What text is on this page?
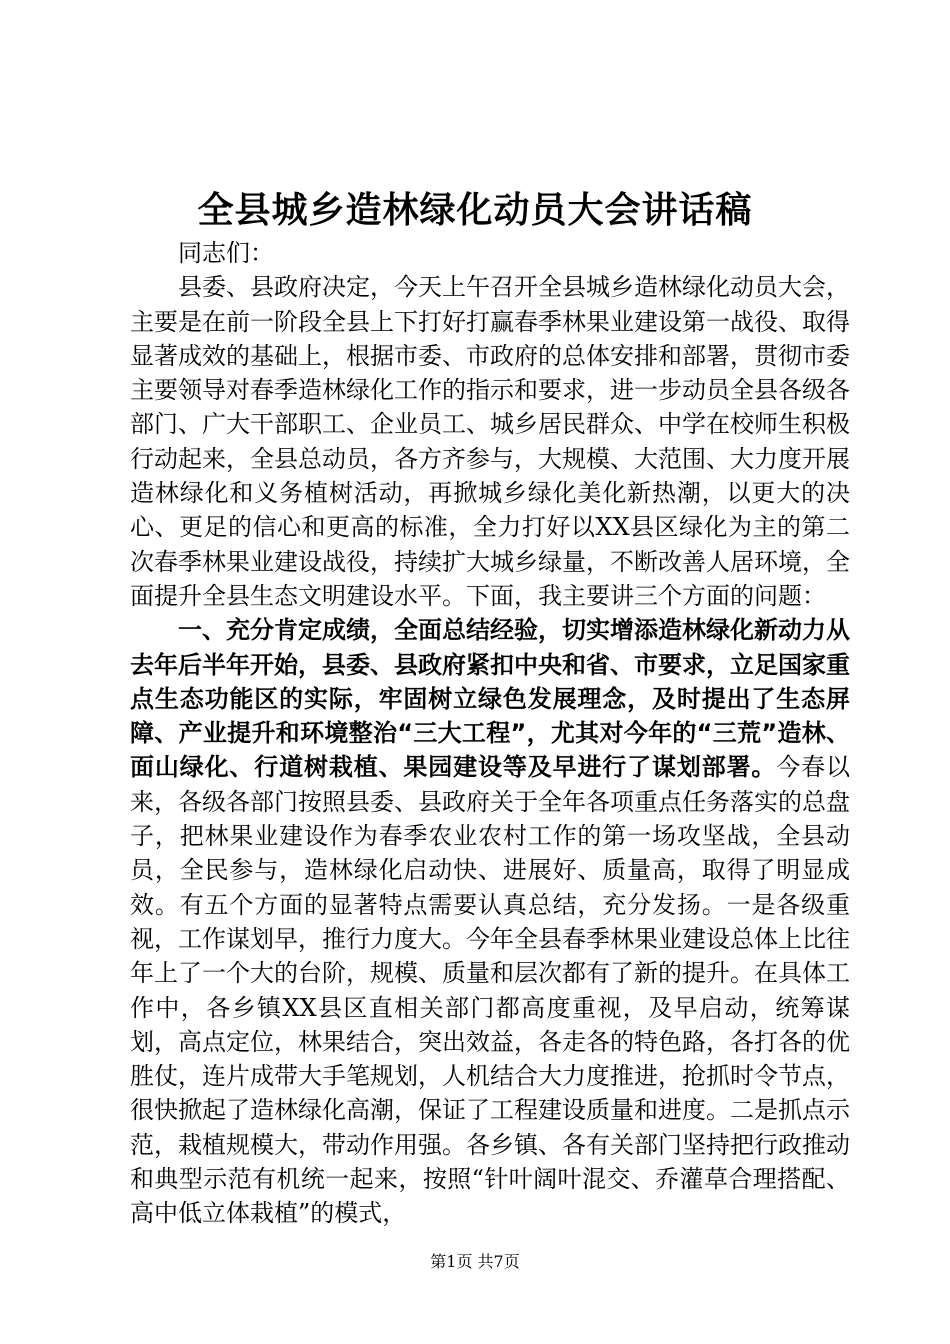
全县城乡造林绿化动员大会讲话稿

同志们：

县委、县政府决定，今天上午召开全县城乡造林绿化动员大会，主要是在前一阶段全县上下打好打赢春季林果业建设第一战役、取得显著成效的基础上，根据市委、市政府的总体安排和部署，贯彻市委主要领导对春季造林绿化工作的指示和要求，进一步动员全县各级各部门、广大干部职工、企业员工、城乡居民群众、中学在校师生积极行动起来，全县总动员，各方齐参与，大规模、大范围、大力度开展造林绿化和义务植树活动，再掀城乡绿化美化新热潮，以更大的决心、更足的信心和更高的标准，全力打好以XX县区绿化为主的第二次春季林果业建设战役，持续扩大城乡绿量，不断改善人居环境，全面提升全县生态文明建设水平。下面，我主要讲三个方面的问题：

一、充分肯定成绩，全面总结经验，切实增添造林绿化新动力从去年后半年开始，县委、县政府紧扣中央和省、市要求，立足国家重点生态功能区的实际，牢固树立绿色发展理念，及时提出了生态屏障、产业提升和环境整治“三大工程”，尤其对今年的“三荒”造林、面山绿化、行道树栽植、果园建设等及早进行了谋划部署。今春以来，各级各部门按照县委、县政府关于全年各项重点任务落实的总盘子，把林果业建设作为春季农业农村工作的第一场攻坚战，全县动员，全民参与，造林绿化启动快、进展好、质量高，取得了明显成效。有五个方面的显著特点需要认真总结，充分发扬。一是各级重视，工作谋划早，推行力度大。今年全县春季林果业建设总体上比往年上了一个大的台阶，规模、质量和层次都有了新的提升。在具体工作中，各乡镇XX县区直相关部门都高度重视，及早启动，统筹谋划，高点定位，林果结合，突出效益，各走各的特色路，各打各的优胜仗，连片成带大手笔规划，人机结合大力度推进，抢抓时令节点，很快掀起了造林绿化高潮，保证了工程建设质量和进度。二是抓点示范，栽植规模大，带动作用强。各乡镇、各有关部门坚持把行政推动和典型示范有机统一起来，按照“针叶阔叶混交、乔灌草合理搭配、高中低立体栽植”的模式，

第1页 共7页
